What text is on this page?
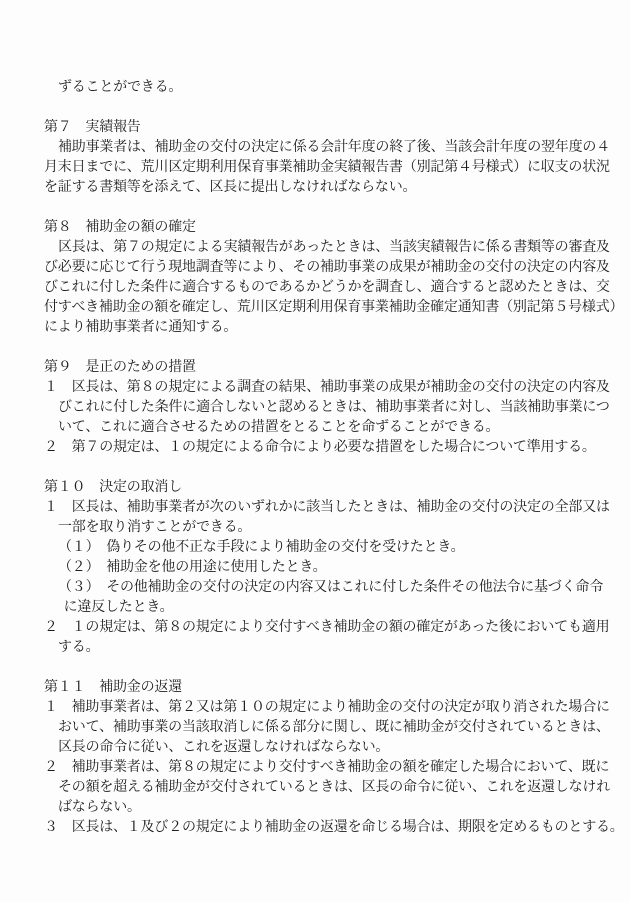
ずることができる。
第７　実績報告
補助事業者は、補助金の交付の決定に係る会計年度の終了後、当該会計年度の翌年度の４
月末日までに、荒川区定期利用保育事業補助金実績報告書（別記第４号様式）に収支の状況
を証する書類等を添えて、区長に提出しなければならない。
第８　補助金の額の確定
区長は、第７の規定による実績報告があったときは、当該実績報告に係る書類等の審査及
び必要に応じて行う現地調査等により、その補助事業の成果が補助金の交付の決定の内容及
びこれに付した条件に適合するものであるかどうかを調査し、適合すると認めたときは、交
付すべき補助金の額を確定し、荒川区定期利用保育事業補助金確定通知書（別記第５号様式）
により補助事業者に通知する。
第９　是正のための措置
１　区長は、第８の規定による調査の結果、補助事業の成果が補助金の交付の決定の内容及
びこれに付した条件に適合しないと認めるときは、補助事業者に対し、当該補助事業につ
いて、これに適合させるための措置をとることを命ずることができる。
２　第７の規定は、１の規定による命令により必要な措置をした場合について準用する。
第１０　決定の取消し
１　区長は、補助事業者が次のいずれかに該当したときは、補助金の交付の決定の全部又は
一部を取り消すことができる。
（１）　偽りその他不正な手段により補助金の交付を受けたとき。
（２）　補助金を他の用途に使用したとき。
（３）　その他補助金の交付の決定の内容又はこれに付した条件その他法令に基づく命令
に違反したとき。
２　１の規定は、第８の規定により交付すべき補助金の額の確定があった後においても適用
する。
第１１　補助金の返還
１　補助事業者は、第２又は第１０の規定により補助金の交付の決定が取り消された場合に
おいて、補助事業の当該取消しに係る部分に関し、既に補助金が交付されているときは、
区長の命令に従い、これを返還しなければならない。
２　補助事業者は、第８の規定により交付すべき補助金の額を確定した場合において、既に
その額を超える補助金が交付されているときは、区長の命令に従い、これを返還しなけれ
ばならない。
３　区長は、１及び２の規定により補助金の返還を命じる場合は、期限を定めるものとする。
